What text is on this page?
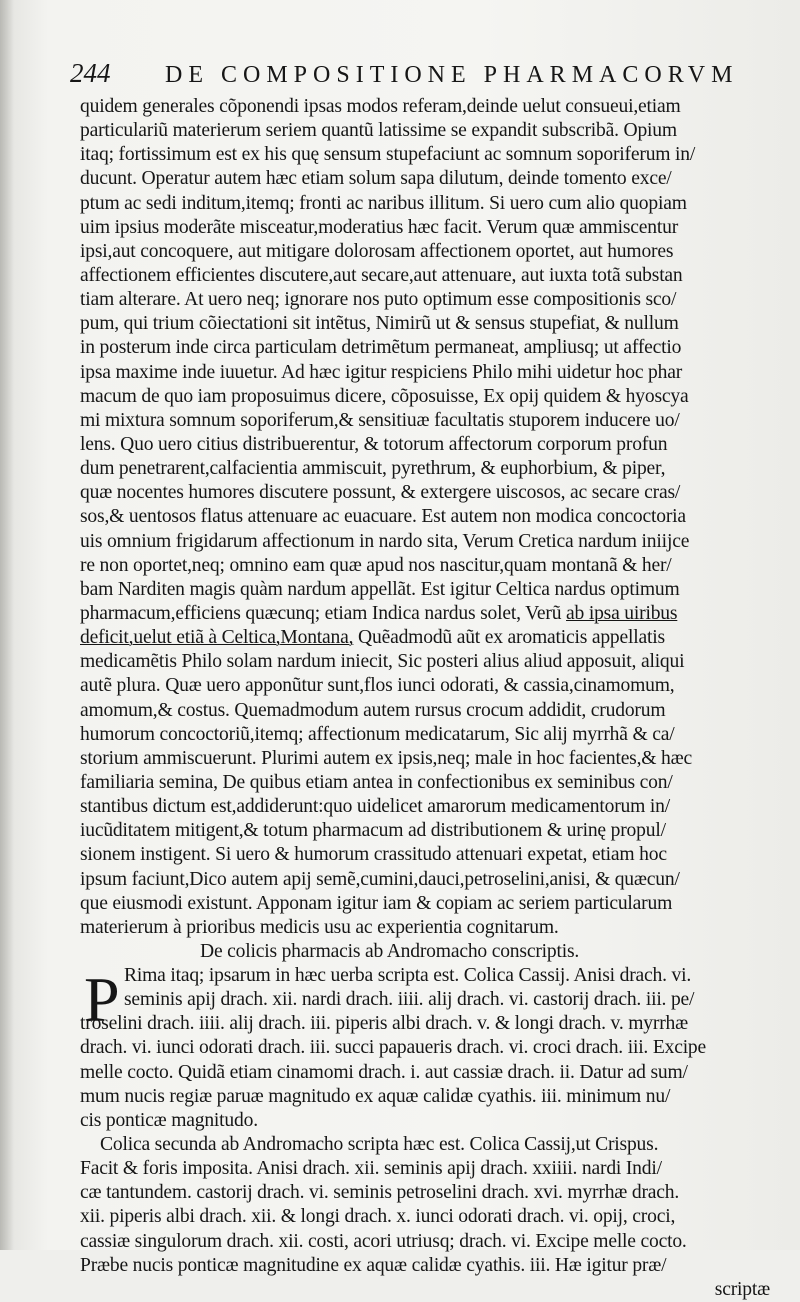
244	DE COMPOSITIONE PHARMACORVM
quidem generales cõponendi ipsas modos referam,deinde uelut consueui,etiam
particulariũ materierum seriem quantũ latissime se expandit subscribã. Opium
itaq; fortissimum est ex his quę sensum stupefaciunt ac somnum soporiferum in/
ducunt. Operatur autem hæc etiam solum sapa dilutum, deinde tomento exce/
ptum ac sedi inditum,itemq; fronti ac naribus illitum. Si uero cum alio quopiam
uim ipsius moderãte misceatur,moderatius hæc facit. Verum quæ ammiscentur
ipsi,aut concoquere, aut mitigare dolorosam affectionem oportet, aut humores
affectionem efficientes discutere,aut secare,aut attenuare, aut iuxta totã substan
tiam alterare. At uero neq; ignorare nos puto optimum esse compositionis sco/
pum, qui trium cõiectationi sit intẽtus, Nimirũ ut & sensus stupefiat, & nullum
in posterum inde circa particulam detrimẽtum permaneat, ampliusq; ut affectio
ipsa maxime inde iuuetur. Ad hæc igitur respiciens Philo mihi uidetur hoc phar
macum de quo iam proposuimus dicere, cõposuisse, Ex opij quidem & hyoscya
mi mixtura somnum soporiferum,& sensitiuæ facultatis stuporem inducere uo/
lens. Quo uero citius distribuerentur, & totorum affectorum corporum profun
dum penetrarent,calfacientia ammiscuit, pyrethrum, & euphorbium, & piper,
quæ nocentes humores discutere possunt, & extergere uiscosos, ac secare cras/
sos,& uentosos flatus attenuare ac euacuare. Est autem non modica concoctoria
uis omnium frigidarum affectionum in nardo sita, Verum Cretica nardum iniĳce
re non oportet,neq; omnino eam quæ apud nos nascitur,quam montanã & her/
bam Narditen magis quàm nardum appellãt. Est igitur Celtica nardus optimum
pharmacum,efficiens quæcunq; etiam Indica nardus solet, Verũ ab ipsa uiribus
deficit,uelut etiã à Celtica,Montana, Quẽadmodũ aũt ex aromaticis appellatis
medicamẽtis Philo solam nardum iniecit, Sic posteri alius aliud apposuit, aliqui
autẽ plura. Quæ uero apponũtur sunt,flos iunci odorati, & cassia,cinamomum,
amomum,& costus. Quemadmodum autem rursus crocum addidit, crudorum
humorum concoctoriũ,itemq; affectionum medicatarum, Sic alij myrrhã & ca/
storium ammiscuerunt. Plurimi autem ex ipsis,neq; male in hoc facientes,& hæc
familiaria semina, De quibus etiam antea in confectionibus ex seminibus con/
stantibus dictum est,addiderunt:quo uidelicet amarorum medicamentorum in/
iucũditatem mitigent,& totum pharmacum ad distributionem & urinę propul/
sionem instigent. Si uero & humorum crassitudo attenuari expetat, etiam hoc
ipsum faciunt,Dico autem apij semẽ,cumini,dauci,petroselini,anisi, & quæcun/
que eiusmodi existunt. Apponam igitur iam & copiam ac seriem particularum
materierum à prioribus medicis usu ac experientia cognitarum.
De colicis pharmacis ab Andromacho conscriptis.
P Rima itaq; ipsarum in hæc uerba scripta est. Colica Cassij. Anisi drach. vi.
seminis apij drach. xii. nardi drach. iiii. alij drach. vi. castorij drach. iii. pe/
troselini drach. iiii. alij drach. iii. piperis albi drach. v. & longi drach. v. myrrhæ
drach. vi. iunci odorati drach. iii. succi papaueris drach. vi. croci drach. iii. Excipe
melle cocto. Quidã etiam cinamomi drach. i. aut cassiæ drach. ii. Datur ad sum/
mum nucis regiæ paruæ magnitudo ex aquæ calidæ cyathis. iii. minimum nu/
cis ponticæ magnitudo.
Colica secunda ab Andromacho scripta hæc est. Colica Cassij,ut Crispus.
Facit & foris imposita. Anisi drach. xii. seminis apij drach. xxiiii. nardi Indi/
cæ tantundem. castorij drach. vi. seminis petroselini drach. xvi. myrrhæ drach.
xii. piperis albi drach. xii. & longi drach. x. iunci odorati drach. vi. opij, croci,
cassiæ singulorum drach. xii. costi, acori utriusq; drach. vi. Excipe melle cocto.
Præbe nucis ponticæ magnitudine ex aquæ calidæ cyathis. iii. Hæ igitur præ/
scriptæ
